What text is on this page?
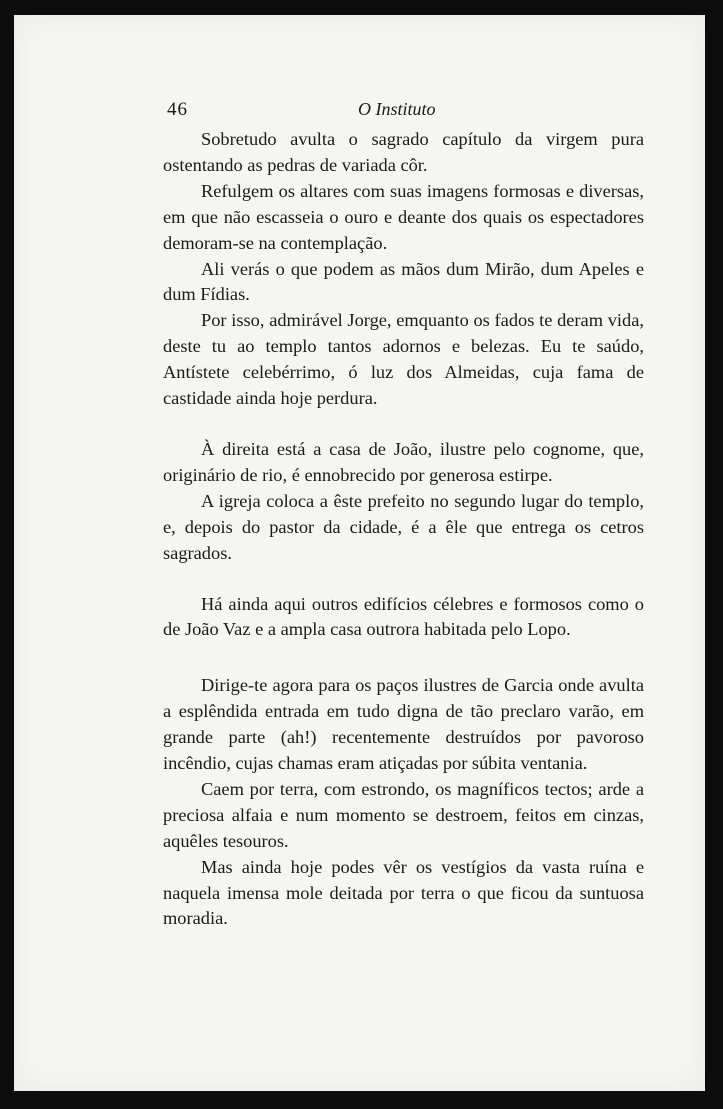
46	O Instituto

Sobretudo avulta o sagrado capítulo da virgem pura ostentando as pedras de variada côr.

Refulgem os altares com suas imagens formosas e diversas, em que não escasseia o ouro e deante dos quais os espectadores demoram-se na contemplação.

Ali verás o que podem as mãos dum Mirão, dum Apeles e dum Fídias.

Por isso, admirável Jorge, emquanto os fados te deram vida, deste tu ao templo tantos adornos e belezas. Eu te saúdo, Antístete celebérrimo, ó luz dos Almeidas, cuja fama de castidade ainda hoje perdura.

À direita está a casa de João, ilustre pelo cognome, que, originário de rio, é ennobrecido por generosa estirpe.

A igreja coloca a êste prefeito no segundo lugar do templo, e, depois do pastor da cidade, é a êle que entrega os cetros sagrados.

Há ainda aqui outros edifícios célebres e formosos como o de João Vaz e a ampla casa outrora habitada pelo Lopo.

Dirige-te agora para os paços ilustres de Garcia onde avulta a esplêndida entrada em tudo digna de tão preclaro varão, em grande parte (ah!) recentemente destruídos por pavoroso incêndio, cujas chamas eram atiçadas por súbita ventania.

Caem por terra, com estrondo, os magníficos tectos; arde a preciosa alfaia e num momento se destroem, feitos em cinzas, aquêles tesouros.

Mas ainda hoje podes vêr os vestígios da vasta ruína e naquela imensa mole deitada por terra o que ficou da suntuosa moradia.
